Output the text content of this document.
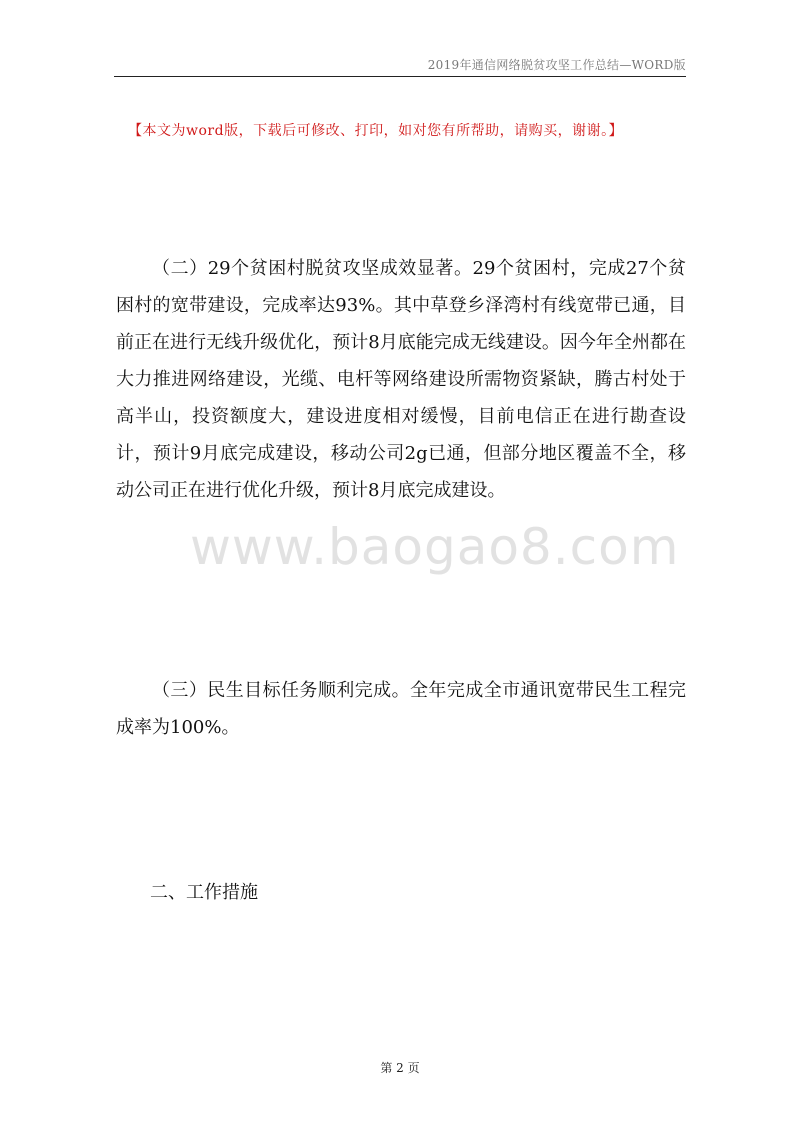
2019年通信网络脱贫攻坚工作总结—WORD版
【本文为word版，下载后可修改、打印，如对您有所帮助，请购买，谢谢。】

（二）29个贫困村脱贫攻坚成效显著。29个贫困村，完成27个贫困村的宽带建设，完成率达93%。其中草登乡泽湾村有线宽带已通，目前正在进行无线升级优化，预计8月底能完成无线建设。因今年全州都在大力推进网络建设，光缆、电杆等网络建设所需物资紧缺，腾古村处于高半山，投资额度大，建设进度相对缓慢，目前电信正在进行勘查设计，预计9月底完成建设，移动公司2g已通，但部分地区覆盖不全，移动公司正在进行优化升级，预计8月底完成建设。

www.baogao8.com

（三）民生目标任务顺利完成。全年完成全市通讯宽带民生工程完成率为100%。

二、工作措施
第 2 页
